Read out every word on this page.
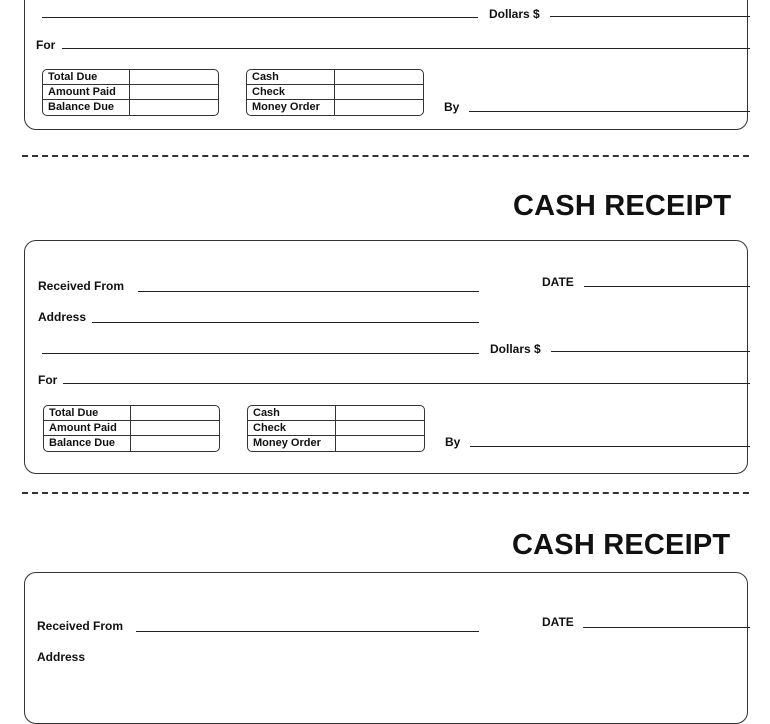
Dollars $
For
Total Due
Amount Paid
Balance Due
Cash
Check
Money Order	By
CASH RECEIPT
Received From	DATE
Address
Dollars $
For
Total Due
Amount Paid
Balance Due
Cash
Check
Money Order	By
CASH RECEIPT
Received From	DATE
Address
